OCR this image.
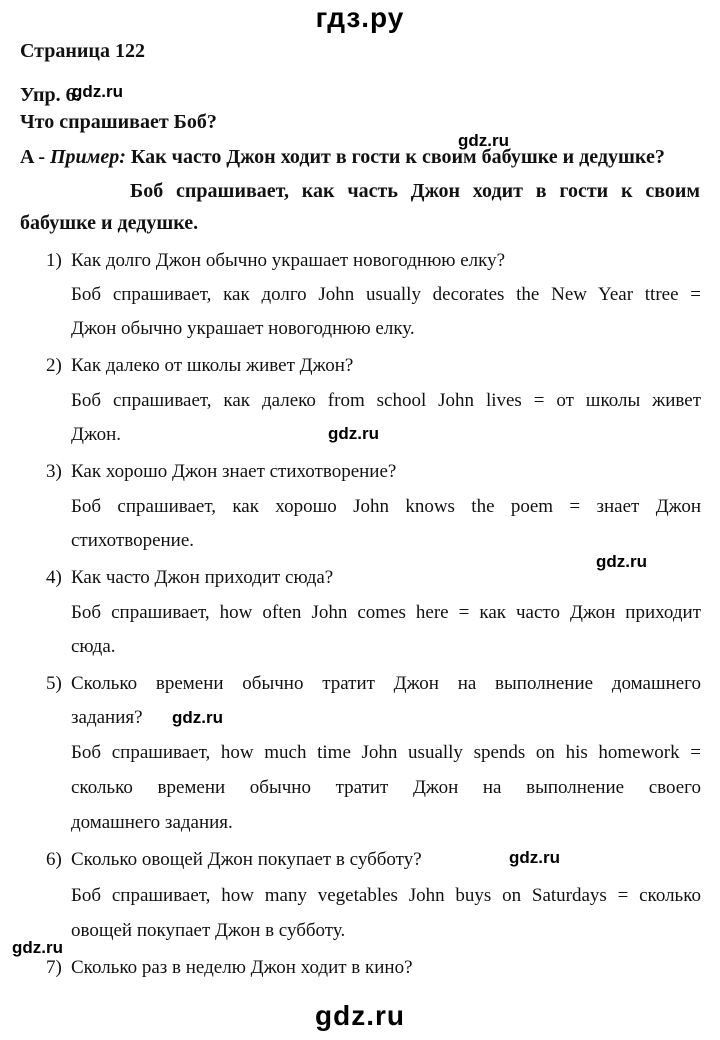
гдз.ру
gdz.ru
Страница 122
Упр. 6.
Что спрашивает Боб?
A - Пример: Как часто Джон ходит в гости к своим бабушке и дедушке?
Боб спрашивает, как часть Джон ходит в гости к своим
бабушке и дедушке.
1) Как долго Джон обычно украшает новогоднюю елку?
Боб спрашивает, как долго John usually decorates the New Year ttree =
Джон обычно украшает новогоднюю елку.
2) Как далеко от школы живет Джон?
Боб спрашивает, как далеко from school John lives = от школы живет
Джон.
3) Как хорошо Джон знает стихотворение?
Боб спрашивает, как хорошо John knows the poem = знает Джон
стихотворение.
4) Как часто Джон приходит сюда?
Боб спрашивает, how often John comes here = как часто Джон приходит
сюда.
5) Сколько времени обычно тратит Джон на выполнение домашнего
задания?
Боб спрашивает, how much time John usually spends on his homework =
сколько времени обычно тратит Джон на выполнение своего
домашнего задания.
6) Сколько овощей Джон покупает в субботу?
Боб спрашивает, how many vegetables John buys on Saturdays = сколько
овощей покупает Джон в субботу.
7) Сколько раз в неделю Джон ходит в кино?
gdz.ru
gdz.ru
gdz.ru
gdz.ru
gdz.ru
gdz.ru
gdz.ru
